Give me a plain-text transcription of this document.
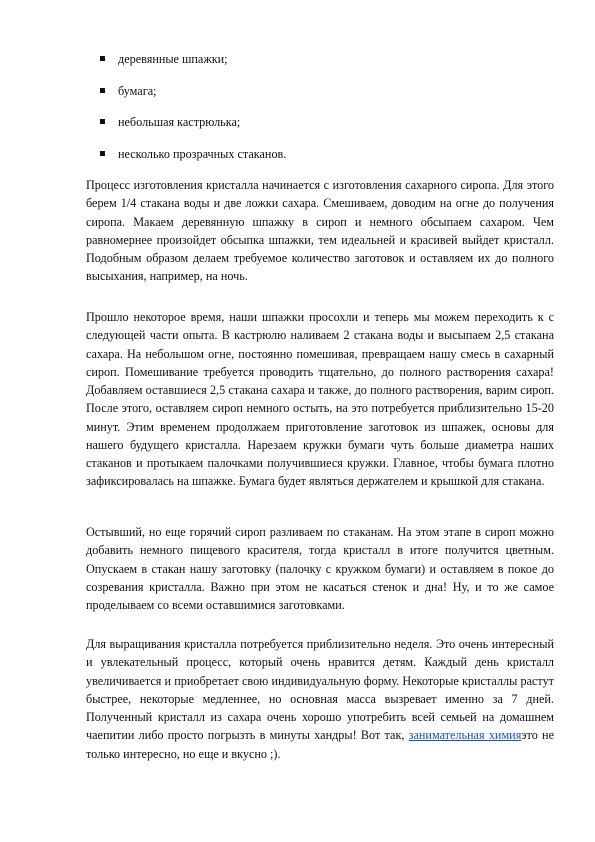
деревянные шпажки;
бумага;
небольшая кастрюлька;
несколько прозрачных стаканов.

Процесс изготовления кристалла начинается с изготовления сахарного сиропа. Для этого берем 1/4 стакана воды и две ложки сахара. Смешиваем, доводим на огне до получения сиропа. Макаем деревянную шпажку в сироп и немного обсыпаем сахаром. Чем равномернее произойдет обсыпка шпажки, тем идеальней и красивей выйдет кристалл. Подобным образом делаем требуемое количество заготовок и оставляем их до полного высыхания, например, на ночь.

Прошло некоторое время, наши шпажки просохли и теперь мы можем переходить к с следующей части опыта. В кастрюлю наливаем 2 стакана воды и высыпаем 2,5 стакана сахара. На небольшом огне, постоянно помешивая, превращаем нашу смесь в сахарный сироп. Помешивание требуется проводить тщательно, до полного растворения сахара! Добавляем оставшиеся 2,5 стакана сахара и также, до полного растворения, варим сироп. После этого, оставляем сироп немного остыть, на это потребуется приблизительно 15-20 минут. Этим временем продолжаем приготовление заготовок из шпажек, основы для нашего будущего кристалла. Нарезаем кружки бумаги чуть больше диаметра наших стаканов и протыкаем палочками получившиеся кружки. Главное, чтобы бумага плотно зафиксировалась на шпажке. Бумага будет являться держателем и крышкой для стакана.

Остывший, но еще горячий сироп разливаем по стаканам. На этом этапе в сироп можно добавить немного пищевого красителя, тогда кристалл в итоге получится цветным. Опускаем в стакан нашу заготовку (палочку с кружком бумаги) и оставляем в покое до созревания кристалла. Важно при этом не касаться стенок и дна! Ну, и то же самое проделываем со всеми оставшимися заготовками.

Для выращивания кристалла потребуется приблизительно неделя. Это очень интересный и увлекательный процесс, который очень нравится детям. Каждый день кристалл увеличивается и приобретает свою индивидуальную форму. Некоторые кристаллы растут быстрее, некоторые медленнее, но основная масса вызревает именно за 7 дней. Полученный кристалл из сахара очень хорошо употребить всей семьей на домашнем чаепитии либо просто погрызть в минуты хандры! Вот так, занимательная химияэто не только интересно, но еще и вкусно ;).
